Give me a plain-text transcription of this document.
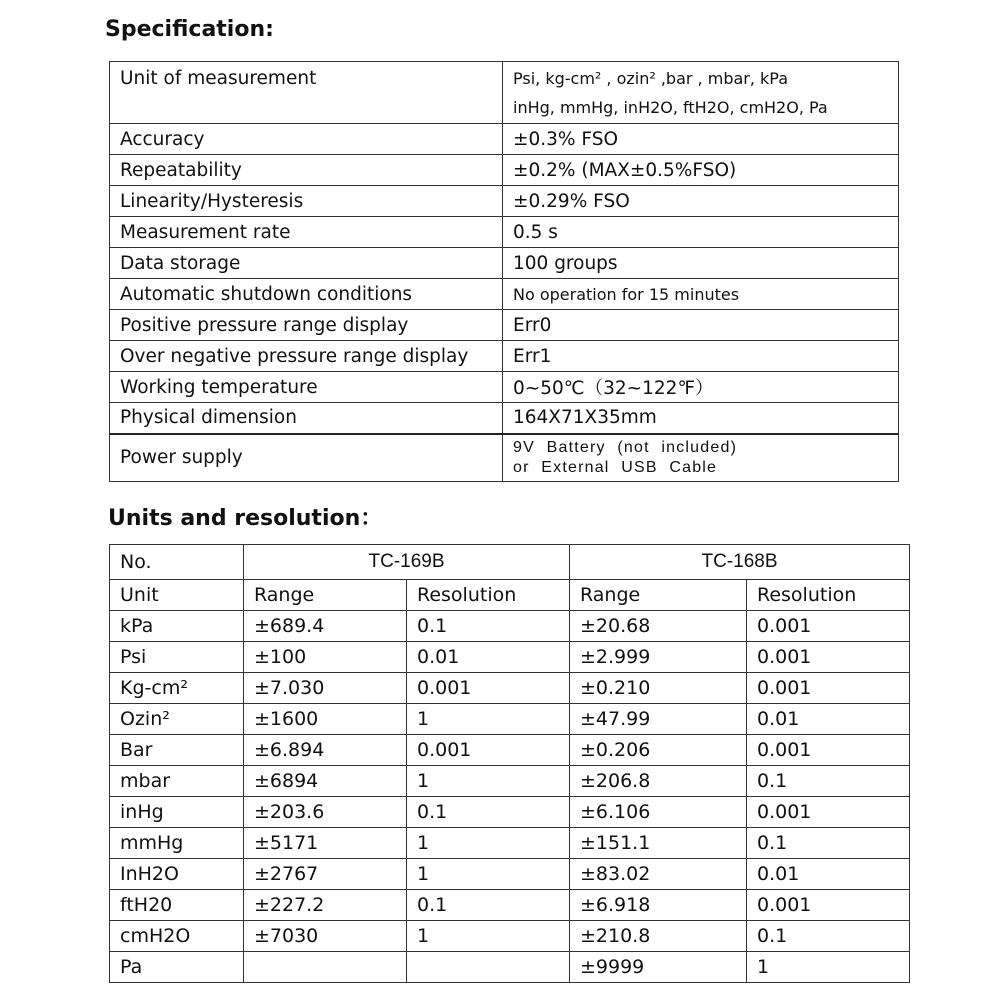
Specification:
Unit of measurement	Psi, kg-cm² , ozin² ,bar , mbar, kPa
inHg, mmHg, inH2O, ftH2O, cmH2O, Pa
Accuracy	±0.3% FSO
Repeatability	±0.2% (MAX±0.5%FSO)
Linearity/Hysteresis	±0.29% FSO
Measurement rate	0.5 s
Data storage	100 groups
Automatic shutdown conditions	No operation for 15 minutes
Positive pressure range display	Err0
Over negative pressure range display	Err1
Working temperature	0~50℃（32~122℉）
Physical dimension	164X71X35mm
Power supply	9V Battery (not included)
or External USB Cable
Units and resolution：
No.	TC-169B		TC-168B	
Unit	Range	Resolution	Range	Resolution
kPa	±689.4	0.1	±20.68	0.001
Psi	±100	0.01	±2.999	0.001
Kg-cm²	±7.030	0.001	±0.210	0.001
Ozin²	±1600	1	±47.99	0.01
Bar	±6.894	0.001	±0.206	0.001
mbar	±6894	1	±206.8	0.1
inHg	±203.6	0.1	±6.106	0.001
mmHg	±5171	1	±151.1	0.1
InH2O	±2767	1	±83.02	0.01
ftH20	±227.2	0.1	±6.918	0.001
cmH2O	±7030	1	±210.8	0.1
Pa			±9999	1
